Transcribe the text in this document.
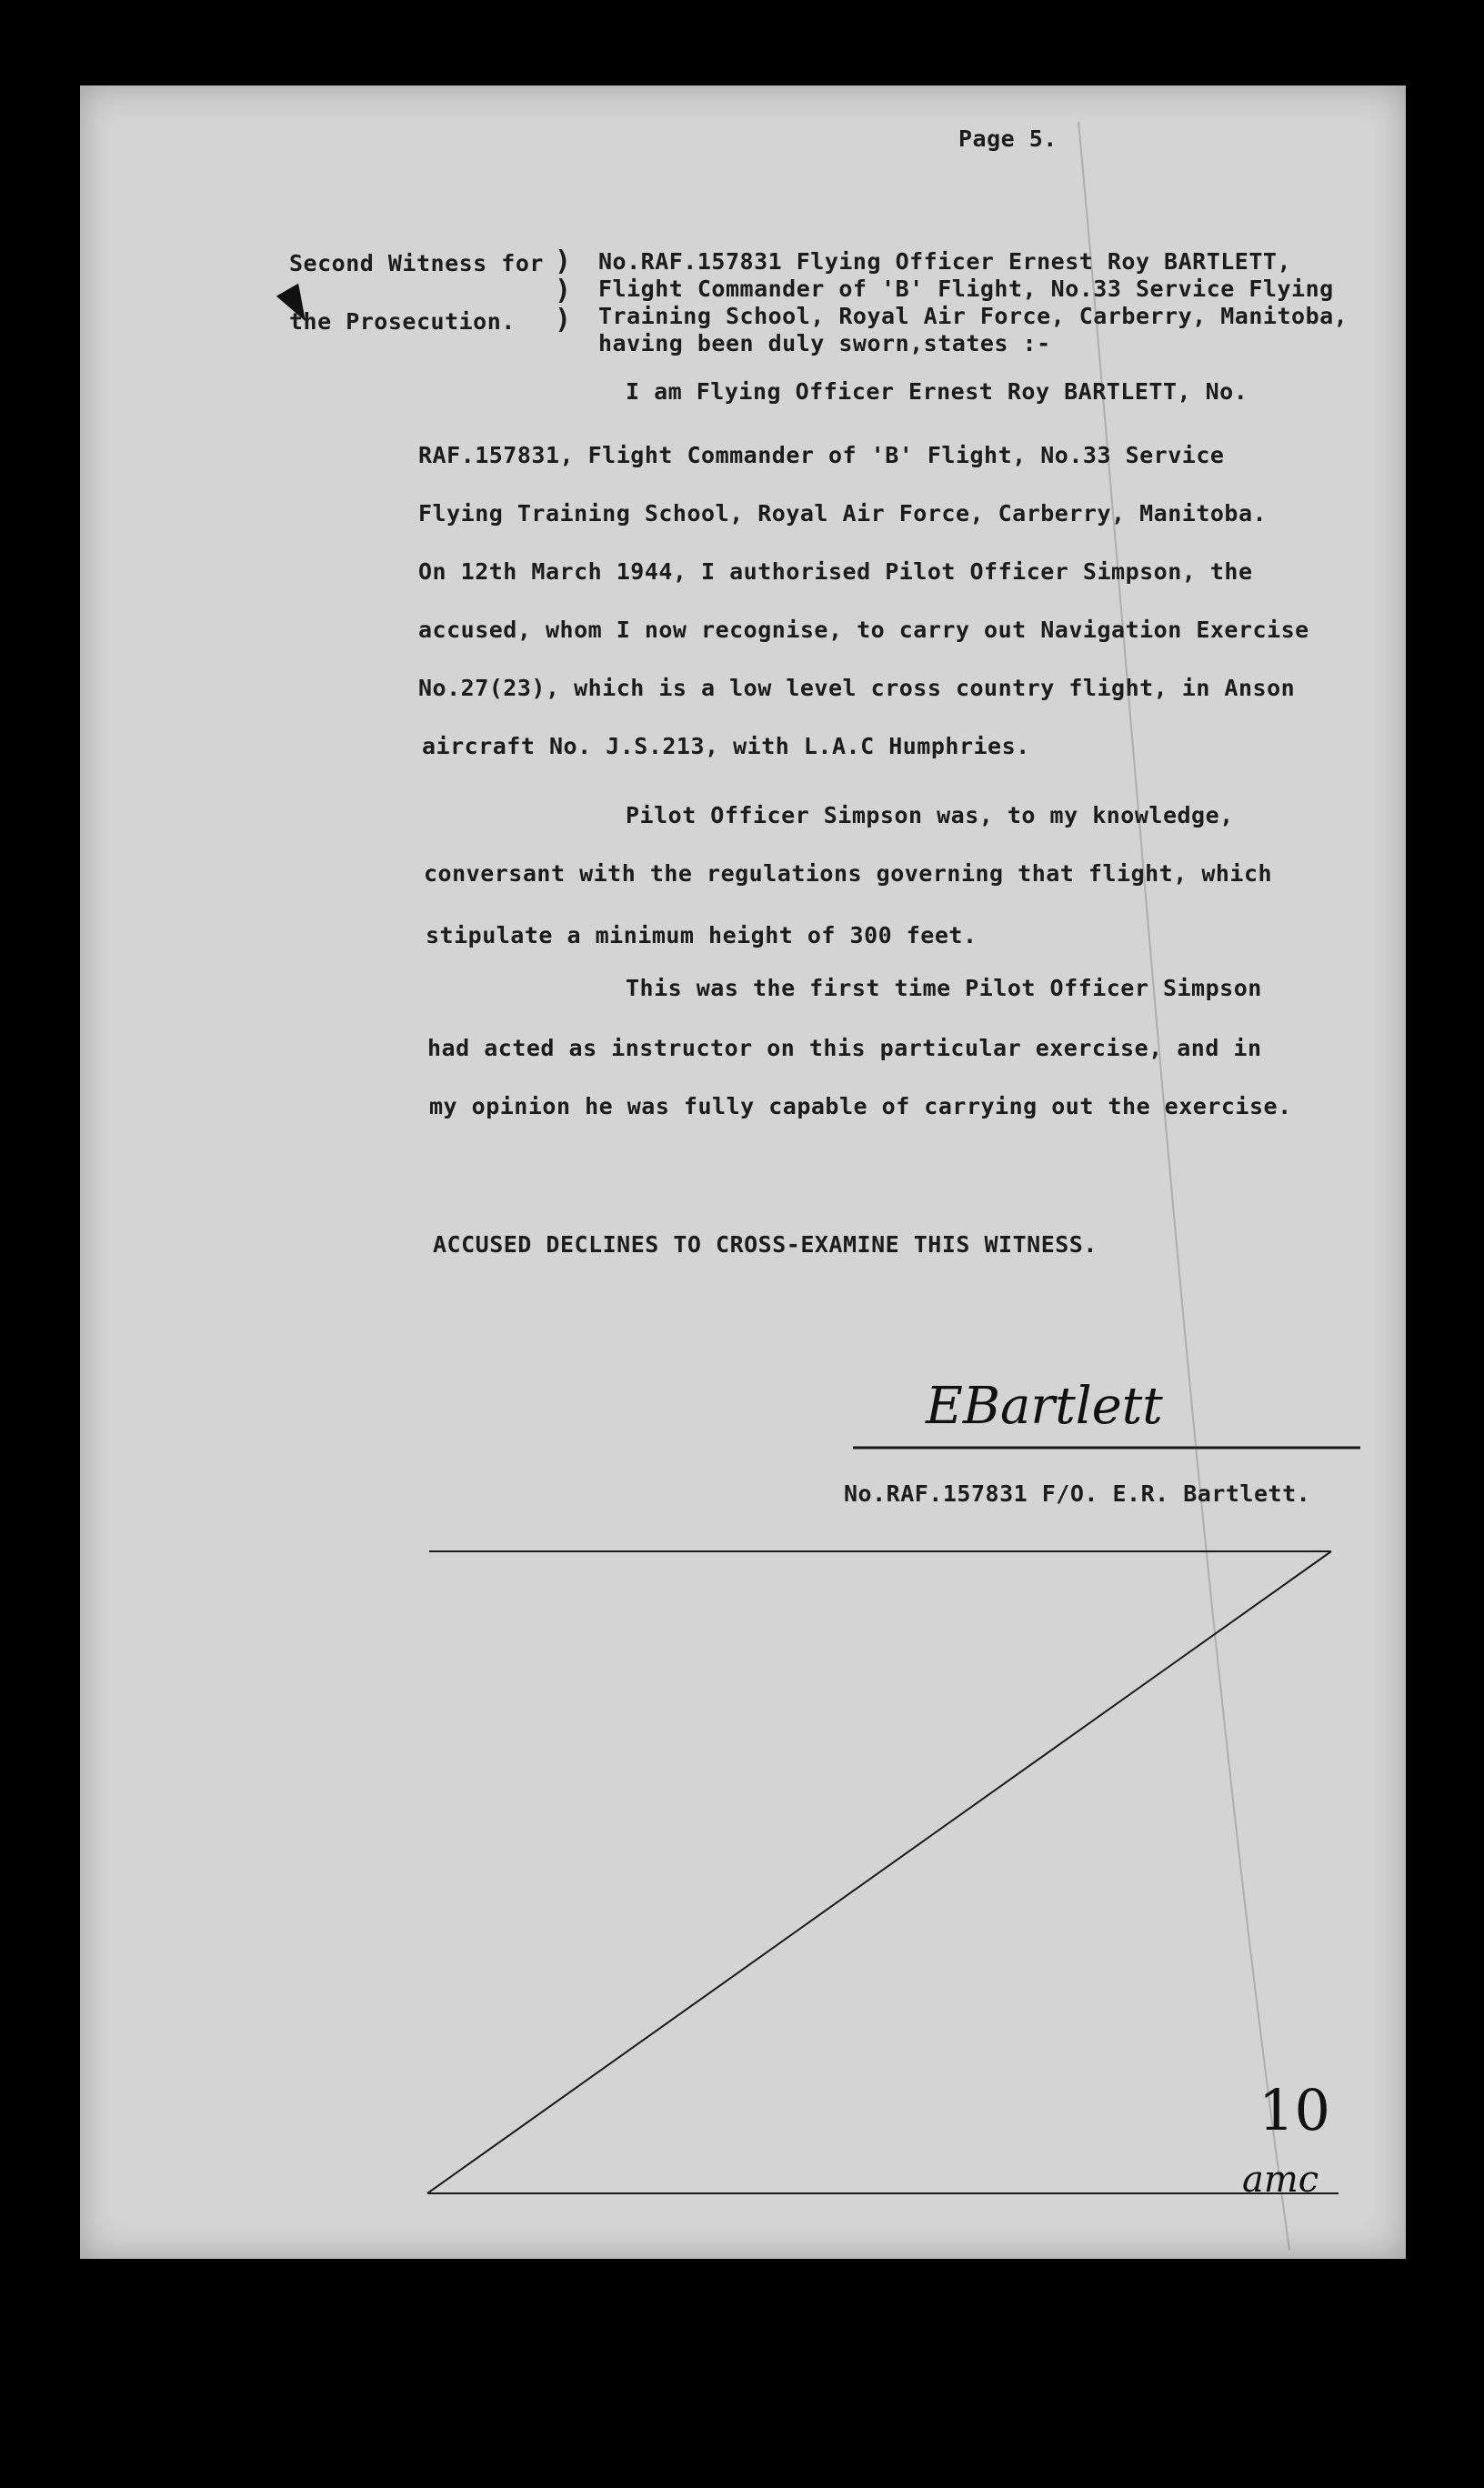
Page 5.
Second Witness for
the Prosecution.
)
)
)
No.RAF.157831 Flying Officer Ernest Roy BARTLETT,
Flight Commander of 'B' Flight, No.33 Service Flying
Training School, Royal Air Force, Carberry, Manitoba,
having been duly sworn,states :-
I am Flying Officer Ernest Roy BARTLETT, No.
RAF.157831, Flight Commander of 'B' Flight, No.33 Service
Flying Training School, Royal Air Force, Carberry, Manitoba.
On 12th March 1944, I authorised Pilot Officer Simpson, the
accused, whom I now recognise, to carry out Navigation Exercise
No.27(23), which is a low level cross country flight, in Anson
aircraft No. J.S.213, with L.A.C Humphries.
Pilot Officer Simpson was, to my knowledge,
conversant with the regulations governing that flight, which
stipulate a minimum height of 300 feet.
This was the first time Pilot Officer Simpson
had acted as instructor on this particular exercise, and in
my opinion he was fully capable of carrying out the exercise.
ACCUSED DECLINES TO CROSS-EXAMINE THIS WITNESS.
EBartlett
No.RAF.157831 F/O. E.R. Bartlett.
10
amc
